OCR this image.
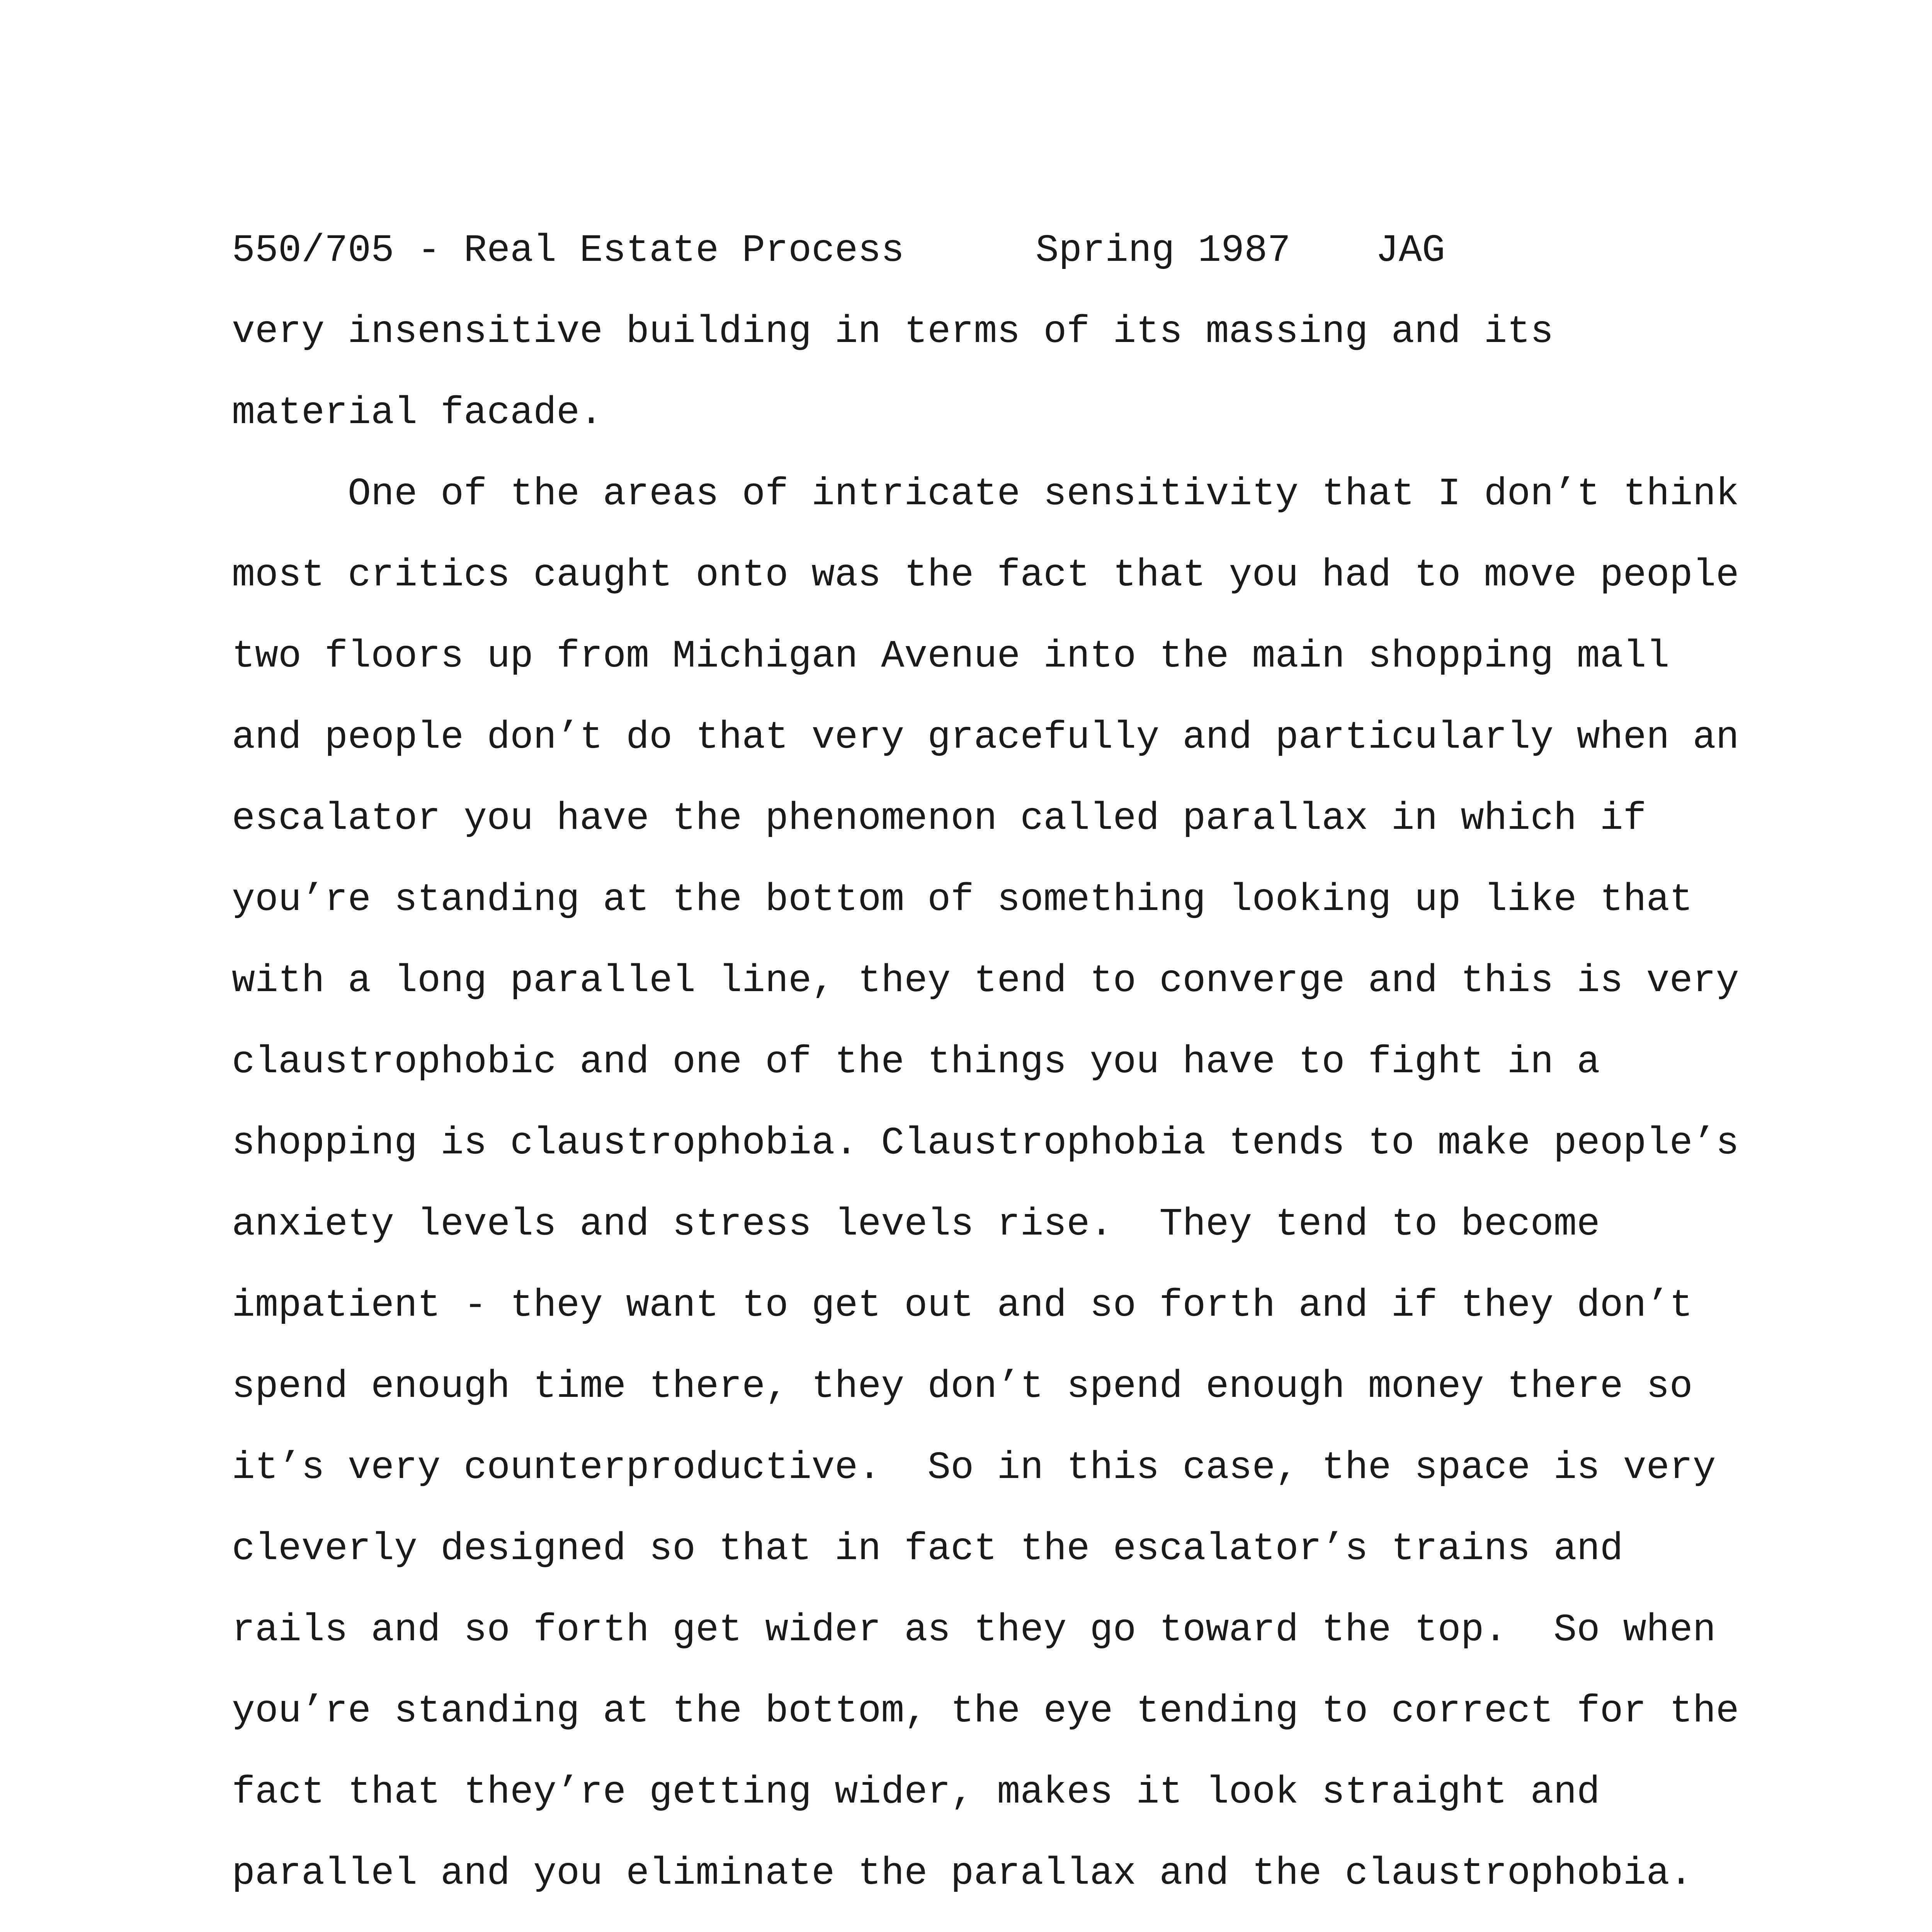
550/705 - Real Estate Process	Spring 1987 JAG
very insensitive building in terms of its massing and its
material facade.
One of the areas of intricate sensitivity that I don’t think
most critics caught onto was the fact that you had to move people
two floors up from Michigan Avenue into the main shopping mall
and people don’t do that very gracefully and particularly when an
escalator you have the phenomenon called parallax in which if
you’re standing at the bottom of something looking up like that
with a long parallel line, they tend to converge and this is very
claustrophobic and one of the things you have to fight in a
shopping is claustrophobia. Claustrophobia tends to make people’s
anxiety levels and stress levels rise.  They tend to become
impatient - they want to get out and so forth and if they don’t
spend enough time there, they don’t spend enough money there so
it’s very counterproductive.  So in this case, the space is very
cleverly designed so that in fact the escalator’s trains and
rails and so forth get wider as they go toward the top.  So when
you’re standing at the bottom, the eye tending to correct for the
fact that they’re getting wider, makes it look straight and
parallel and you eliminate the parallax and the claustrophobia.
